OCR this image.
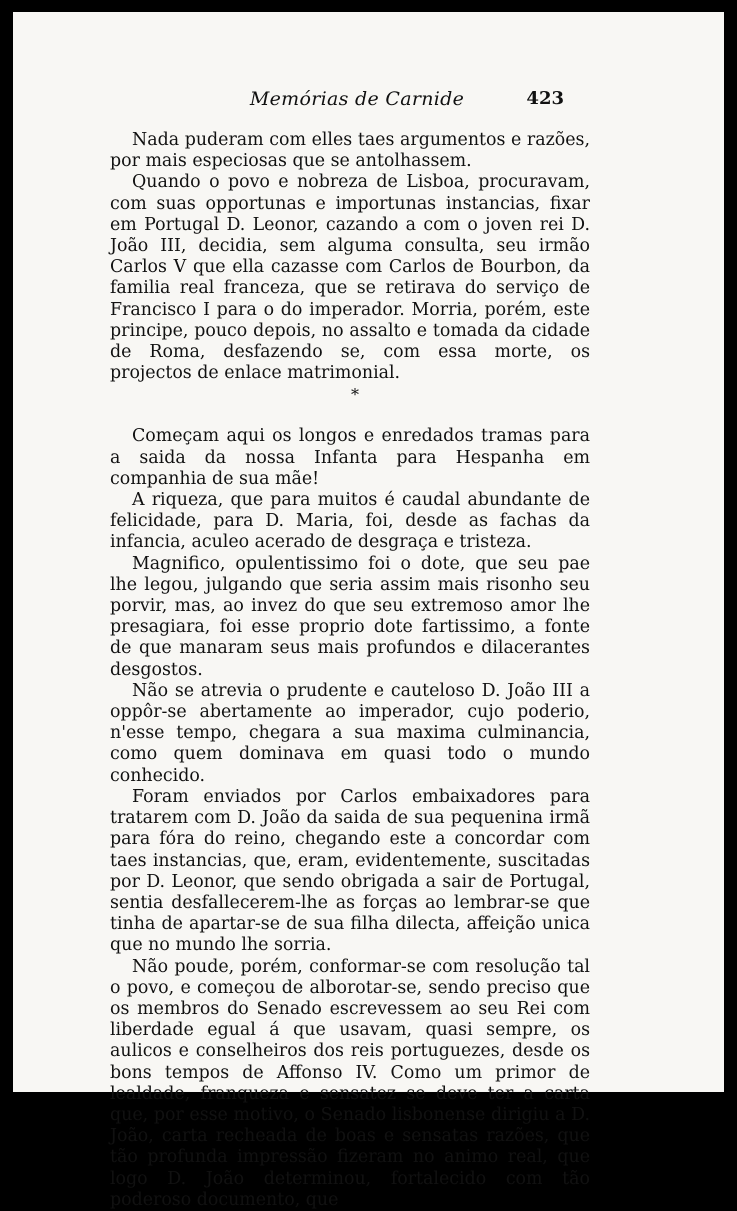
Memórias de Carnide	423

Nada puderam com elles taes argumentos e razões, por mais especiosas que se antolhassem.

Quando o povo e nobreza de Lisboa, procuravam, com suas opportunas e importunas instancias, fixar em Portugal D. Leonor, cazando a com o joven rei D. João III, decidia, sem alguma consulta, seu irmão Carlos V que ella cazasse com Carlos de Bourbon, da familia real franceza, que se retirava do serviço de Francisco I para o do imperador. Morria, porém, este principe, pouco depois, no assalto e tomada da cidade de Roma, desfazendo se, com essa morte, os projectos de enlace matrimonial.

*

Começam aqui os longos e enredados tramas para a saida da nossa Infanta para Hespanha em companhia de sua mãe!

A riqueza, que para muitos é caudal abundante de felicidade, para D. Maria, foi, desde as fachas da infancia, aculeo acerado de desgraça e tristeza.

Magnifico, opulentissimo foi o dote, que seu pae lhe legou, julgando que seria assim mais risonho seu porvir, mas, ao invez do que seu extremoso amor lhe presagiara, foi esse proprio dote fartissimo, a fonte de que manaram seus mais profundos e dilacerantes desgostos.

Não se atrevia o prudente e cauteloso D. João III a oppôr-se abertamente ao imperador, cujo poderio, n'esse tempo, chegara a sua maxima culminancia, como quem dominava em quasi todo o mundo conhecido.

Foram enviados por Carlos embaixadores para tratarem com D. João da saida de sua pequenina irmã para fóra do reino, chegando este a concordar com taes instancias, que, eram, evidentemente, suscitadas por D. Leonor, que sendo obrigada a sair de Portugal, sentia desfallecerem-lhe as forças ao lembrar-se que tinha de apartar-se de sua filha dilecta, affeição unica que no mundo lhe sorria.

Não poude, porém, conformar-se com resolução tal o povo, e começou de alborotar-se, sendo preciso que os membros do Senado escrevessem ao seu Rei com liberdade egual á que usavam, quasi sempre, os aulicos e conselheiros dos reis portuguezes, desde os bons tempos de Affonso IV. Como um primor de lealdade, franqueza e sensatez se deve ter a carta que, por esse motivo, o Senado lisbonense dirigiu a D. João, carta recheada de boas e sensatas razões, que tão profunda impressão fizeram no animo real, que logo D. João determinou, fortalecido com tão poderoso documento, que
